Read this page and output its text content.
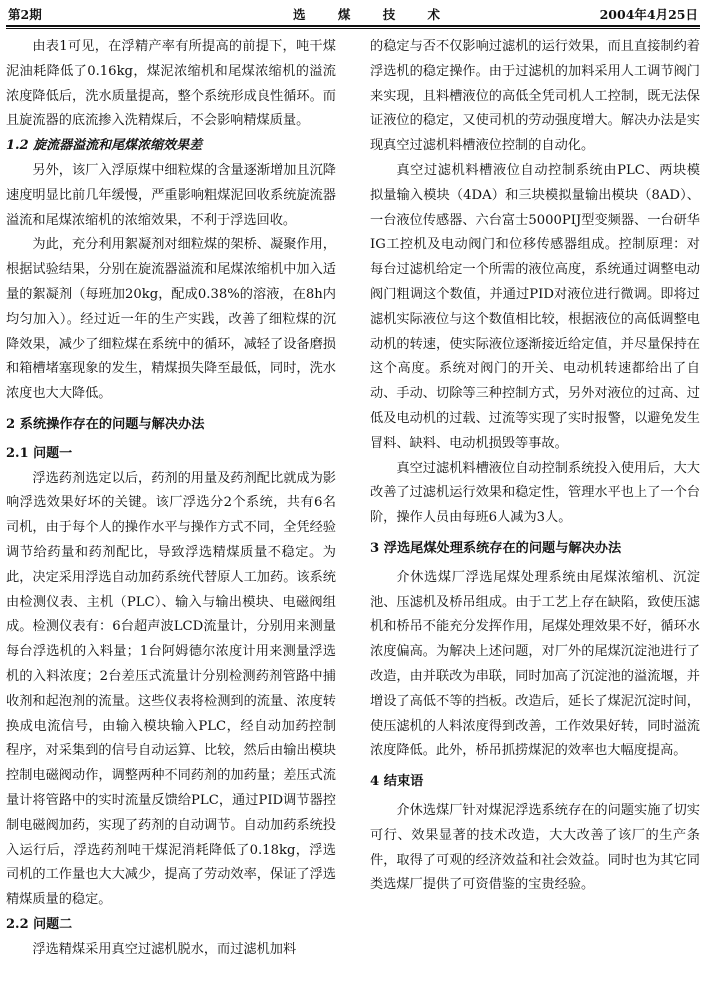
第2期	选 煤 技 术	2004年4月25日

由表1可见，在浮精产率有所提高的前提下，吨干煤泥油耗降低了0.16kg，煤泥浓缩机和尾煤浓缩机的溢流浓度降低后，洗水质量提高，整个系统形成良性循环。而且旋流器的底流掺入洗精煤后，不会影响精煤质量。

1.2 旋流器溢流和尾煤浓缩效果差

另外，该厂入浮原煤中细粒煤的含量逐渐增加且沉降速度明显比前几年缓慢，严重影响粗煤泥回收系统旋流器溢流和尾煤浓缩机的浓缩效果，不利于浮选回收。

为此，充分利用絮凝剂对细粒煤的架桥、凝聚作用，根据试验结果，分别在旋流器溢流和尾煤浓缩机中加入适量的絮凝剂（每班加20kg，配成0.38%的溶液，在8h内均匀加入）。经过近一年的生产实践，改善了细粒煤的沉降效果，减少了细粒煤在系统中的循环，减轻了设备磨损和箱槽堵塞现象的发生，精煤损失降至最低，同时，洗水浓度也大大降低。

2 系统操作存在的问题与解决办法
2.1 问题一

浮选药剂选定以后，药剂的用量及药剂配比就成为影响浮选效果好坏的关键。该厂浮选分2个系统，共有6名司机，由于每个人的操作水平与操作方式不同，全凭经验调节给药量和药剂配比，导致浮选精煤质量不稳定。为此，决定采用浮选自动加药系统代替原人工加药。该系统由检测仪表、主机（PLC）、输入与输出模块、电磁阀组成。检测仪表有：6台超声波LCD流量计，分别用来测量每台浮选机的入料量；1台阿姆德尔浓度计用来测量浮选机的入料浓度；2台差压式流量计分别检测药剂管路中捕收剂和起泡剂的流量。这些仪表将检测到的流量、浓度转换成电流信号，由输入模块输入PLC，经自动加药控制程序，对采集到的信号自动运算、比较，然后由输出模块控制电磁阀动作，调整两种不同药剂的加药量；差压式流量计将管路中的实时流量反馈给PLC，通过PID调节器控制电磁阀加药，实现了药剂的自动调节。自动加药系统投入运行后，浮选药剂吨干煤泥消耗降低了0.18kg，浮选司机的工作量也大大减少，提高了劳动效率，保证了浮选精煤质量的稳定。

2.2 问题二

浮选精煤采用真空过滤机脱水，而过滤机加料

的稳定与否不仅影响过滤机的运行效果，而且直接制约着浮选机的稳定操作。由于过滤机的加料采用人工调节阀门来实现，且料槽液位的高低全凭司机人工控制，既无法保证液位的稳定，又使司机的劳动强度增大。解决办法是实现真空过滤机料槽液位控制的自动化。

真空过滤机料槽液位自动控制系统由PLC、两块模拟量输入模块（4DA）和三块模拟量输出模块（8AD）、一台液位传感器、六台富士5000PIJ型变频器、一台研华IG工控机及电动阀门和位移传感器组成。控制原理：对每台过滤机给定一个所需的液位高度，系统通过调整电动阀门粗调这个数值，并通过PID对液位进行微调。即将过滤机实际液位与这个数值相比较，根据液位的高低调整电动机的转速，使实际液位逐渐接近给定值，并尽量保持在这个高度。系统对阀门的开关、电动机转速都给出了自动、手动、切除等三种控制方式，另外对液位的过高、过低及电动机的过载、过流等实现了实时报警，以避免发生冒料、缺料、电动机损毁等事故。

真空过滤机料槽液位自动控制系统投入使用后，大大改善了过滤机运行效果和稳定性，管理水平也上了一个台阶，操作人员由每班6人减为3人。

3 浮选尾煤处理系统存在的问题与解决办法

介休选煤厂浮选尾煤处理系统由尾煤浓缩机、沉淀池、压滤机及桥吊组成。由于工艺上存在缺陷，致使压滤机和桥吊不能充分发挥作用，尾煤处理效果不好，循环水浓度偏高。为解决上述问题，对厂外的尾煤沉淀池进行了改造，由并联改为串联，同时加高了沉淀池的溢流堰，并增设了高低不等的挡板。改造后，延长了煤泥沉淀时间，使压滤机的人料浓度得到改善，工作效果好转，同时溢流浓度降低。此外，桥吊抓捞煤泥的效率也大幅度提高。

4 结束语

介休选煤厂针对煤泥浮选系统存在的问题实施了切实可行、效果显著的技术改造，大大改善了该厂的生产条件，取得了可观的经济效益和社会效益。同时也为其它同类选煤厂提供了可资借鉴的宝贵经验。
